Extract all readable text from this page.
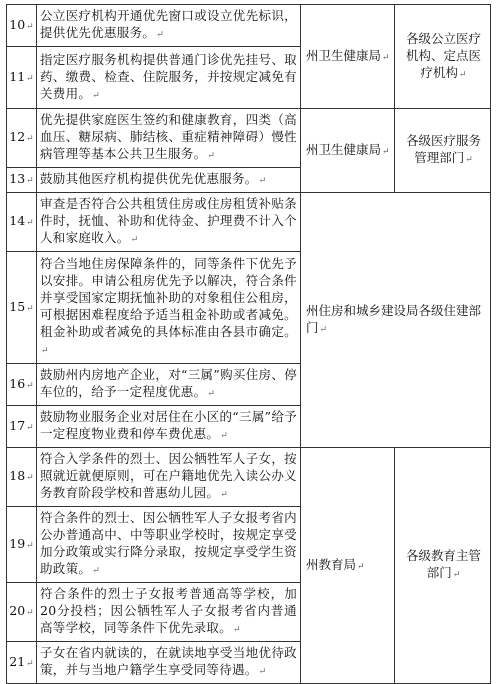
10↵	公立医疗机构开通优先窗口或设立优先标识，提供优先优惠服务。↵	州卫生健康局↵	各级公立医疗机构、定点医疗机构↵
11↵	指定医疗服务机构提供普通门诊优先挂号、取药、缴费、检查、住院服务，并按规定减免有关费用。↵		
12↵	优先提供家庭医生签约和健康教育，四类（高血压、糖尿病、肺结核、重症精神障碍）慢性病管理等基本公共卫生服务。↵	州卫生健康局↵	各级医疗服务管理部门↵
13↵	鼓励其他医疗机构提供优先优惠服务。↵		
14↵	审查是否符合公共租赁住房或住房租赁补贴条件时，抚恤、补助和优待金、护理费不计入个人和家庭收入。↵	州住房和城乡建设局各级住建部门↵	
15↵	符合当地住房保障条件的，同等条件下优先予以安排。申请公租房优先予以解决，符合条件并享受国家定期抚恤补助的对象租住公租房，可根据困难程度给予适当租金补助或者减免。租金补助或者减免的具体标准由各县市确定。↵		
16↵	鼓励州内房地产企业，对“三属”购买住房、停车位的，给予一定程度优惠。↵		
17↵	鼓励物业服务企业对居住在小区的“三属”给予一定程度物业费和停车费优惠。↵		
18↵	符合入学条件的烈士、因公牺牲军人子女，按照就近就便原则，可在户籍地优先入读公办义务教育阶段学校和普惠幼儿园。↵	州教育局↵	各级教育主管部门↵
19↵	符合条件的烈士、因公牺牲军人子女报考省内公办普通高中、中等职业学校时，按规定享受加分政策或实行降分录取，按规定享受学生资助政策。↵		
20↵	符合条件的烈士子女报考普通高等学校，加20分投档；因公牺牲军人子女报考省内普通高等学校，同等条件下优先录取。↵		
21↵	子女在省内就读的，在就读地享受当地优待政策，并与当地户籍学生享受同等待遇。↵		
